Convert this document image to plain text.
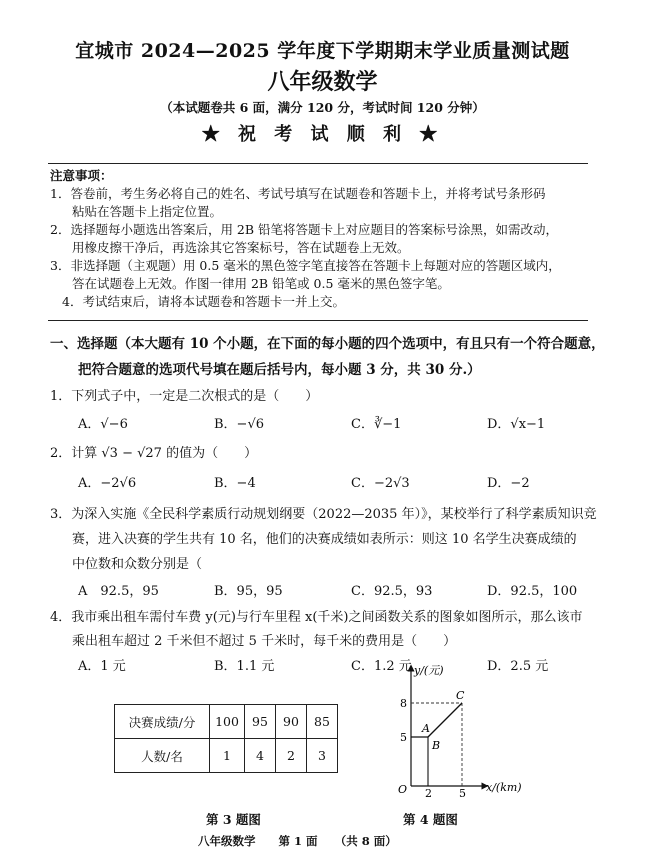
宜城市 2024—2025 学年度下学期期末学业质量测试题
八年级数学
（本试题卷共 6 面，满分 120 分，考试时间 120 分钟）
★ 祝 考 试 顺 利 ★
注意事项：
1．答卷前，考生务必将自己的姓名、考试号填写在试题卷和答题卡上，并将考试号条形码
粘贴在答题卡上指定位置。
2．选择题每小题选出答案后，用 2B 铅笔将答题卡上对应题目的答案标号涂黑，如需改动，
用橡皮擦干净后，再选涂其它答案标号，答在试题卷上无效。
3．非选择题（主观题）用 0.5 毫米的黑色签字笔直接答在答题卡上每题对应的答题区域内，
答在试题卷上无效。作图一律用 2B 铅笔或 0.5 毫米的黑色签字笔。
4．考试结束后，请将本试题卷和答题卡一并上交。
一、选择题（本大题有 10 个小题，在下面的每小题的四个选项中，有且只有一个符合题意，
把符合题意的选项代号填在题后括号内，每小题 3 分，共 30 分.）
1．下列式子中，一定是二次根式的是（　　）
A．√−6	B．−√6	C．∛−1	D．√x−1
2．计算 √3 − √27 的值为（　　）
A．−2√6	B．−4	C．−2√3	D．−2
3．为深入实施《全民科学素质行动规划纲要（2022—2035 年）》，某校举行了科学素质知识竞
赛，进入决赛的学生共有 10 名，他们的决赛成绩如表所示：则这 10 名学生决赛成绩的
中位数和众数分别是（
A　92.5，95	B．95，95	C．92.5，93	D．92.5，100
4．我市乘出租车需付车费 y(元)与行车里程 x(千米)之间函数关系的图象如图所示，那么该市
乘出租车超过 2 千米但不超过 5 千米时，每千米的费用是（　　）
A．1 元	B．1.1 元	C．1.2 元	D．2.5 元
决赛成绩/分	100	95	90	85
人数/名	1	4	2	3
y/(元)
x/(km)
O 2 5
5
8
A
B
C
第 3 题图	第 4 题图
八年级数学　　第 1 面　　（共 8 面）
